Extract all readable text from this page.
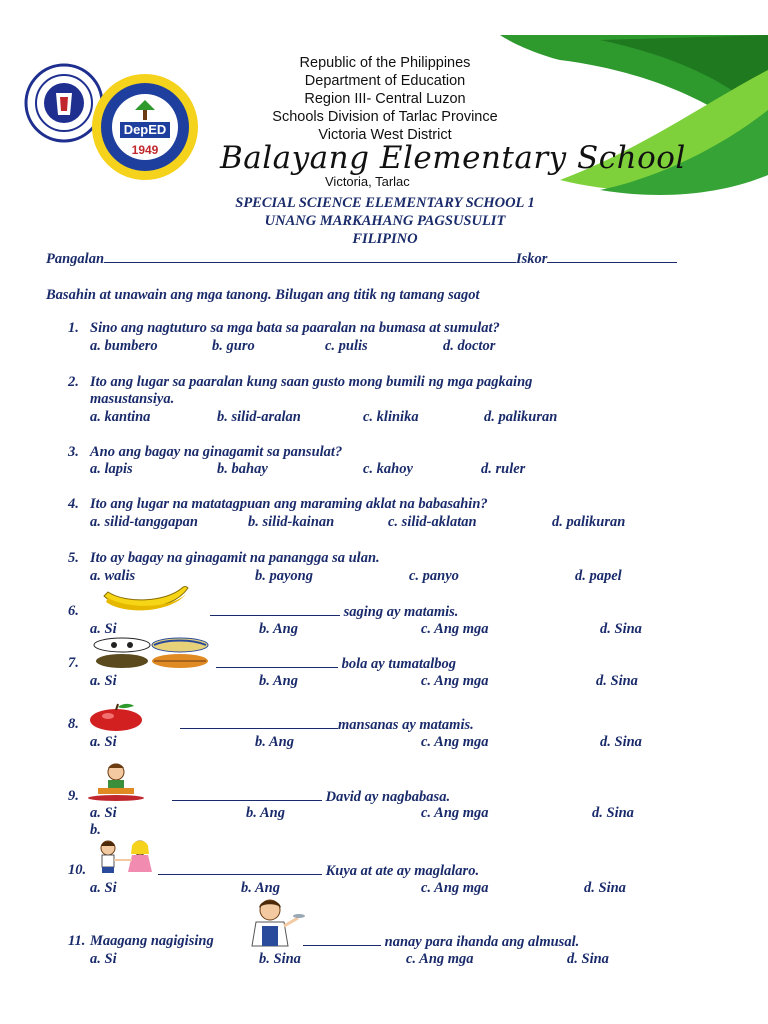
DepED
1949
Republic of the Philippines
Department of Education
Region III- Central Luzon
Schools Division of Tarlac Province
Victoria West District
Balayang Elementary School
Victoria, Tarlac
SPECIAL SCIENCE ELEMENTARY SCHOOL 1
UNANG MARKAHANG PAGSUSULIT
FILIPINO
Pangalan	Iskor
Basahin at unawain ang mga tanong. Bilugan ang titik ng tamang sagot
1. Sino ang nagtuturo sa mga bata sa paaralan na bumasa at sumulat?
a. bumbero	b. guro	c. pulis	d. doctor
2. Ito ang lugar sa paaralan kung saan gusto mong bumili ng mga pagkaing
masustansiya.
a. kantina	b. silid-aralan	c. klinika	d. palikuran
3. Ano ang bagay na ginagamit sa pansulat?
a. lapis	b. bahay	c. kahoy	d. ruler
4. Ito ang lugar na matatagpuan ang maraming aklat na babasahin?
a. silid-tanggapan	b. silid-kainan	c. silid-aklatan	d. palikuran
5. Ito ay bagay na ginagamit na panangga sa ulan.
a. walis	b. payong	c. panyo	d. papel
6.	saging ay matamis.
a. Si	b. Ang	c. Ang mga	d. Sina
7.	bola ay tumatalbog
a. Si	b. Ang	c. Ang mga	d. Sina
8.	mansanas ay matamis.
a. Si	b. Ang	c. Ang mga	d. Sina
9.	David ay nagbabasa.
a. Si	b. Ang	c. Ang mga	d. Sina
b.
10.	Kuya at ate ay maglalaro.
a. Si	b. Ang	c. Ang mga	d. Sina
11. Maagang nagigising	nanay para ihanda ang almusal.
a. Si	b. Sina	c. Ang mga	d. Sina
